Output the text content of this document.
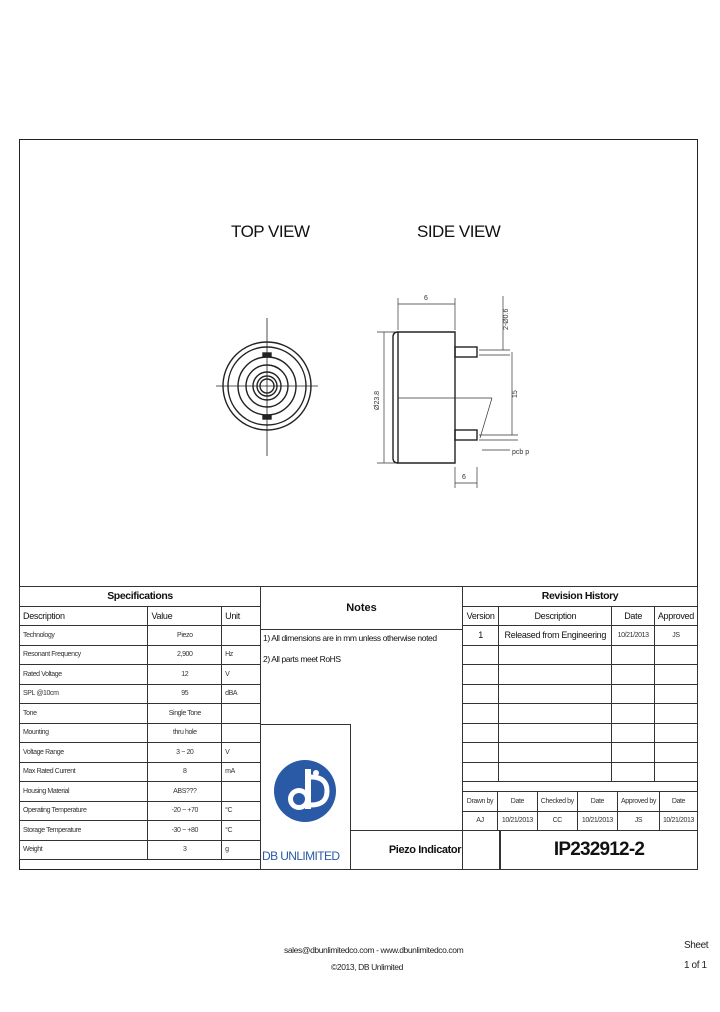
TOP VIEW	SIDE VIEW
6
6
pcb p
2-Ø0.6
Ø23.8	15
Specifications		
Description	Value	Unit
Technology	Piezo	
Resonant Frequency	2,900	Hz
Rated Voltage	12	V
SPL @10cm	95	dBA
Tone	Single Tone	
Mounting	thru hole	
Voltage Range	3 ~ 20	V
Max Rated Current	8	mA
Housing Material	ABS???	
Operating Temperature	-20 ~ +70	°C
Storage Temperature	-30 ~ +80	°C
Weight	3	g
Notes
1) All dimensions are in mm unless otherwise noted
2) All parts meet RoHS
DB UNLIMITED	Piezo Indicator	IP232912-2
Revision History			
Version	Description	Date	Approved
1	Released from Engineering	10/21/2013	JS

Drawn by	Date	Checked by	Date	Approved by	Date
AJ	10/21/2013	CC	10/21/2013	JS	10/21/2013
sales@dbunlimitedco.com - www.dbunlimitedco.com
©2013, DB Unlimited
Sheet
1 of 1
